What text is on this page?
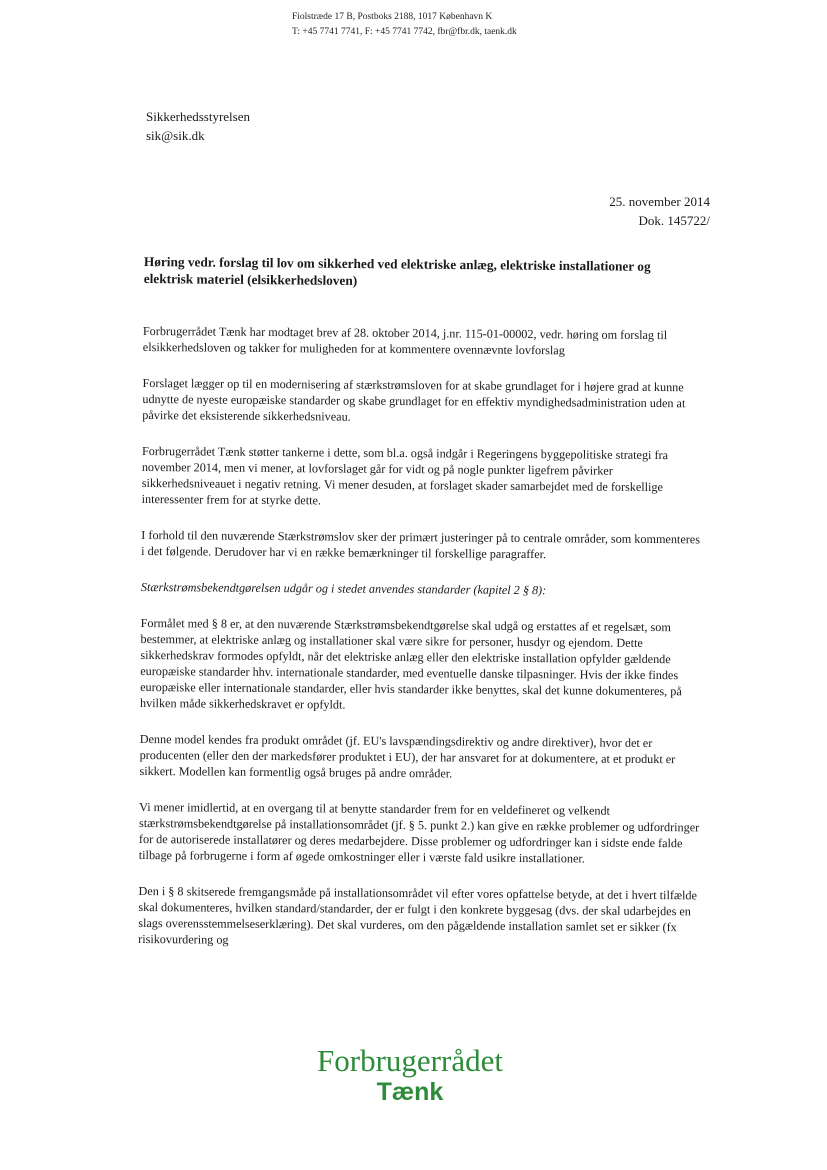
Fiolstræde 17 B, Postboks 2188, 1017 København K
T: +45 7741 7741, F: +45 7741 7742, fbr@fbr.dk, taenk.dk
Sikkerhedsstyrelsen
sik@sik.dk
25. november 2014
Dok. 145722/
Høring vedr. forslag til lov om sikkerhed ved elektriske anlæg, elektriske installationer og elektrisk materiel (elsikkerhedsloven)

Forbrugerrådet Tænk har modtaget brev af 28. oktober 2014, j.nr. 115-01-00002, vedr. høring om forslag til elsikkerhedsloven og takker for muligheden for at kommentere ovennævnte lovforslag

Forslaget lægger op til en modernisering af stærkstrømsloven for at skabe grundlaget for i højere grad at kunne udnytte de nyeste europæiske standarder og skabe grundlaget for en effektiv myndighedsadministration uden at påvirke det eksisterende sikkerhedsniveau.

Forbrugerrådet Tænk støtter tankerne i dette, som bl.a. også indgår i Regeringens byggepolitiske strategi fra november 2014, men vi mener, at lovforslaget går for vidt og på nogle punkter ligefrem påvirker sikkerhedsniveauet i negativ retning. Vi mener desuden, at forslaget skader samarbejdet med de forskellige interessenter frem for at styrke dette.

I forhold til den nuværende Stærkstrømslov sker der primært justeringer på to centrale områder, som kommenteres i det følgende. Derudover har vi en række bemærkninger til forskellige paragraffer.

Stærkstrømsbekendtgørelsen udgår og i stedet anvendes standarder (kapitel 2 § 8):

Formålet med § 8 er, at den nuværende Stærkstrømsbekendtgørelse skal udgå og erstattes af et regelsæt, som bestemmer, at elektriske anlæg og installationer skal være sikre for personer, husdyr og ejendom. Dette sikkerhedskrav formodes opfyldt, når det elektriske anlæg eller den elektriske installation opfylder gældende europæiske standarder hhv. internationale standarder, med eventuelle danske tilpasninger. Hvis der ikke findes europæiske eller internationale standarder, eller hvis standarder ikke benyttes, skal det kunne dokumenteres, på hvilken måde sikkerhedskravet er opfyldt.

Denne model kendes fra produkt området (jf. EU's lavspændingsdirektiv og andre direktiver), hvor det er producenten (eller den der markedsfører produktet i EU), der har ansvaret for at dokumentere, at et produkt er sikkert. Modellen kan formentlig også bruges på andre områder.

Vi mener imidlertid, at en overgang til at benytte standarder frem for en veldefineret og velkendt stærkstrømsbekendtgørelse på installationsområdet (jf. § 5. punkt 2.) kan give en række problemer og udfordringer for de autoriserede installatører og deres medarbejdere. Disse problemer og udfordringer kan i sidste ende falde tilbage på forbrugerne i form af øgede omkostninger eller i værste fald usikre installationer.

Den i § 8 skitserede fremgangsmåde på installationsområdet vil efter vores opfattelse betyde, at det i hvert tilfælde skal dokumenteres, hvilken standard/standarder, der er fulgt i den konkrete byggesag (dvs. der skal udarbejdes en slags overensstemmelseserklæring). Det skal vurderes, om den pågældende installation samlet set er sikker (fx risikovurdering og

Forbrugerrådet
Tænk
